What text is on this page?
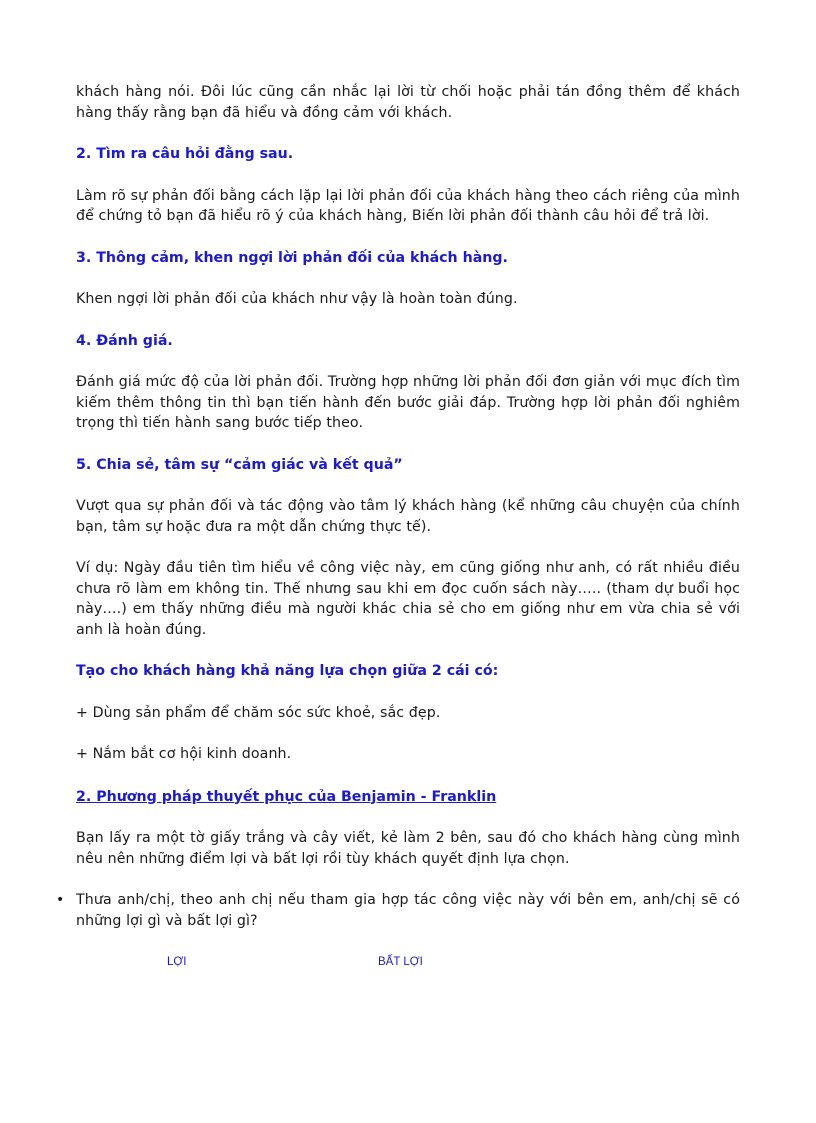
khách hàng nói. Đôi lúc cũng cần nhắc lại lời từ chối hoặc phải tán đồng thêm để khách hàng thấy rằng bạn đã hiểu và đồng cảm với khách.

2. Tìm ra câu hỏi đằng sau.

Làm rõ sự phản đối bằng cách lặp lại lời phản đối của khách hàng theo cách riêng của mình để chứng tỏ bạn đã hiểu rõ ý của khách hàng, Biến lời phản đối thành câu hỏi để trả lời.

3. Thông cảm, khen ngợi lời phản đối của khách hàng.

Khen ngợi lời phản đối của khách như vậy là hoàn toàn đúng.

4. Đánh giá.

Đánh giá mức độ của lời phản đối. Trường hợp những lời phản đối đơn giản với mục đích tìm kiếm thêm thông tin thì bạn tiến hành đến bước giải đáp. Trường hợp lời phản đối nghiêm trọng thì tiến hành sang bước tiếp theo.

5. Chia sẻ, tâm sự “cảm giác và kết quả”

Vượt qua sự phản đối và tác động vào tâm lý khách hàng (kể những câu chuyện của chính bạn, tâm sự hoặc đưa ra một dẫn chứng thực tế).

Ví dụ: Ngày đầu tiên tìm hiểu về công việc này, em cũng giống như anh, có rất nhiều điều chưa rõ làm em không tin. Thế nhưng sau khi em đọc cuốn sách này….. (tham dự buổi học này….) em thấy những điều mà người khác chia sẻ cho em giống như em vừa chia sẻ với anh là hoàn đúng.

Tạo cho khách hàng khả năng lựa chọn giữa 2 cái có:

+ Dùng sản phẩm để chăm sóc sức khoẻ, sắc đẹp.

+ Nắm bắt cơ hội kinh doanh.

2. Phương pháp thuyết phục của Benjamin - Franklin

Bạn lấy ra một tờ giấy trắng và cây viết, kẻ làm 2 bên, sau đó cho khách hàng cùng mình nêu nên những điểm lợi và bất lợi rồi tùy khách quyết định lựa chọn.

• Thưa anh/chị, theo anh chị nếu tham gia hợp tác công việc này với bên em, anh/chị sẽ có những lợi gì và bất lợi gì?

LỢI	BẤT LỢI
